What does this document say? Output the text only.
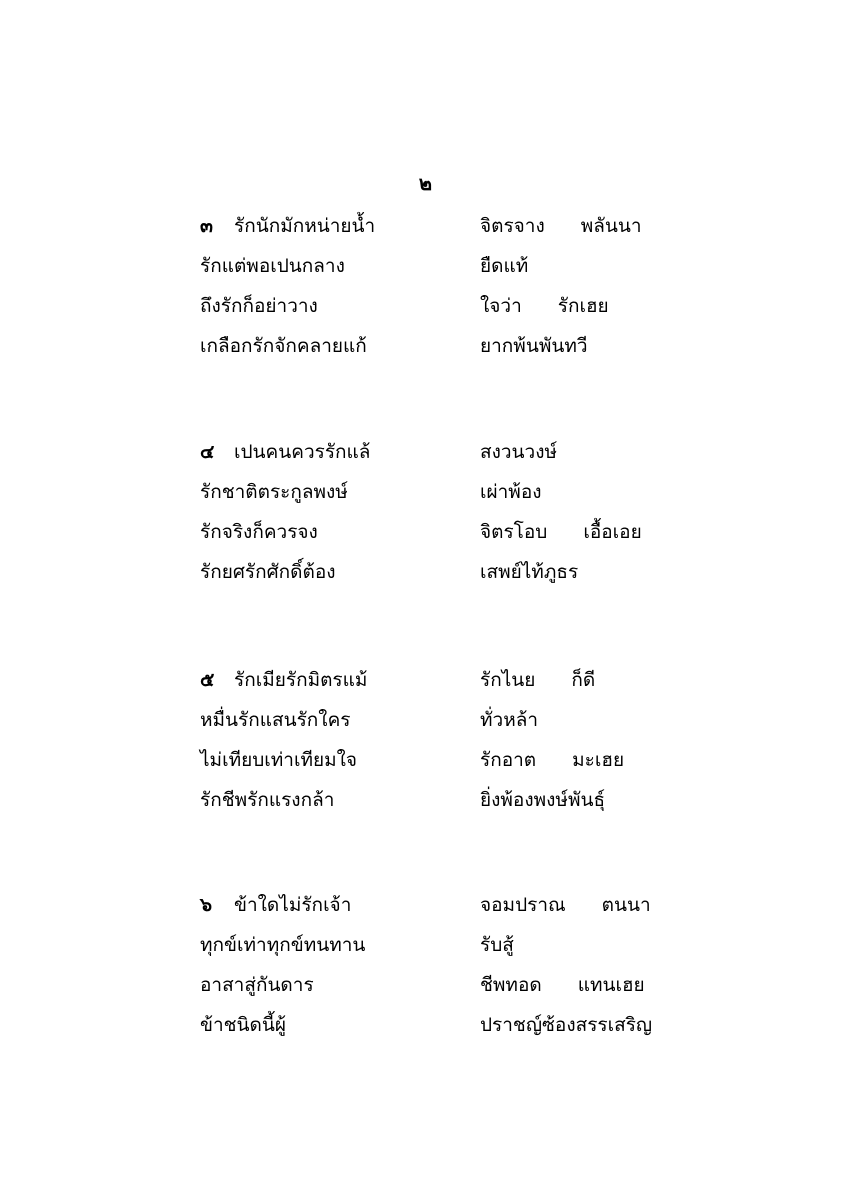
๒
๓ รักนักมักหน่ายน้ำ	จิตรจาง พลันนา
รักแต่พอเปนกลาง	ยืดแท้
ถึงรักก็อย่าวาง	ใจว่า รักเฮย
เกลือกรักจักคลายแก้	ยากพ้นพันทวี
๔ เปนคนควรรักแล้	สงวนวงษ์
รักชาติตระกูลพงษ์	เผ่าพ้อง
รักจริงก็ควรจง	จิตรโอบ เอื้อเอย
รักยศรักศักดิ์ต้อง	เสพย์ไท้ภูธร
๕ รักเมียรักมิตรแม้	รักไนย ก็ดี
หมื่นรักแสนรักใคร	ทั่วหล้า
ไม่เทียบเท่าเทียมใจ	รักอาต มะเฮย
รักชีพรักแรงกล้า	ยิ่งพ้องพงษ์พันธุ์
๖ ข้าใดไม่รักเจ้า	จอมปราณ ตนนา
ทุกข์เท่าทุกข์ทนทาน	รับสู้
อาสาสู่กันดาร	ชีพทอด แทนเฮย
ข้าชนิดนี้ผู้	ปราชญ์ซ้องสรรเสริญ
